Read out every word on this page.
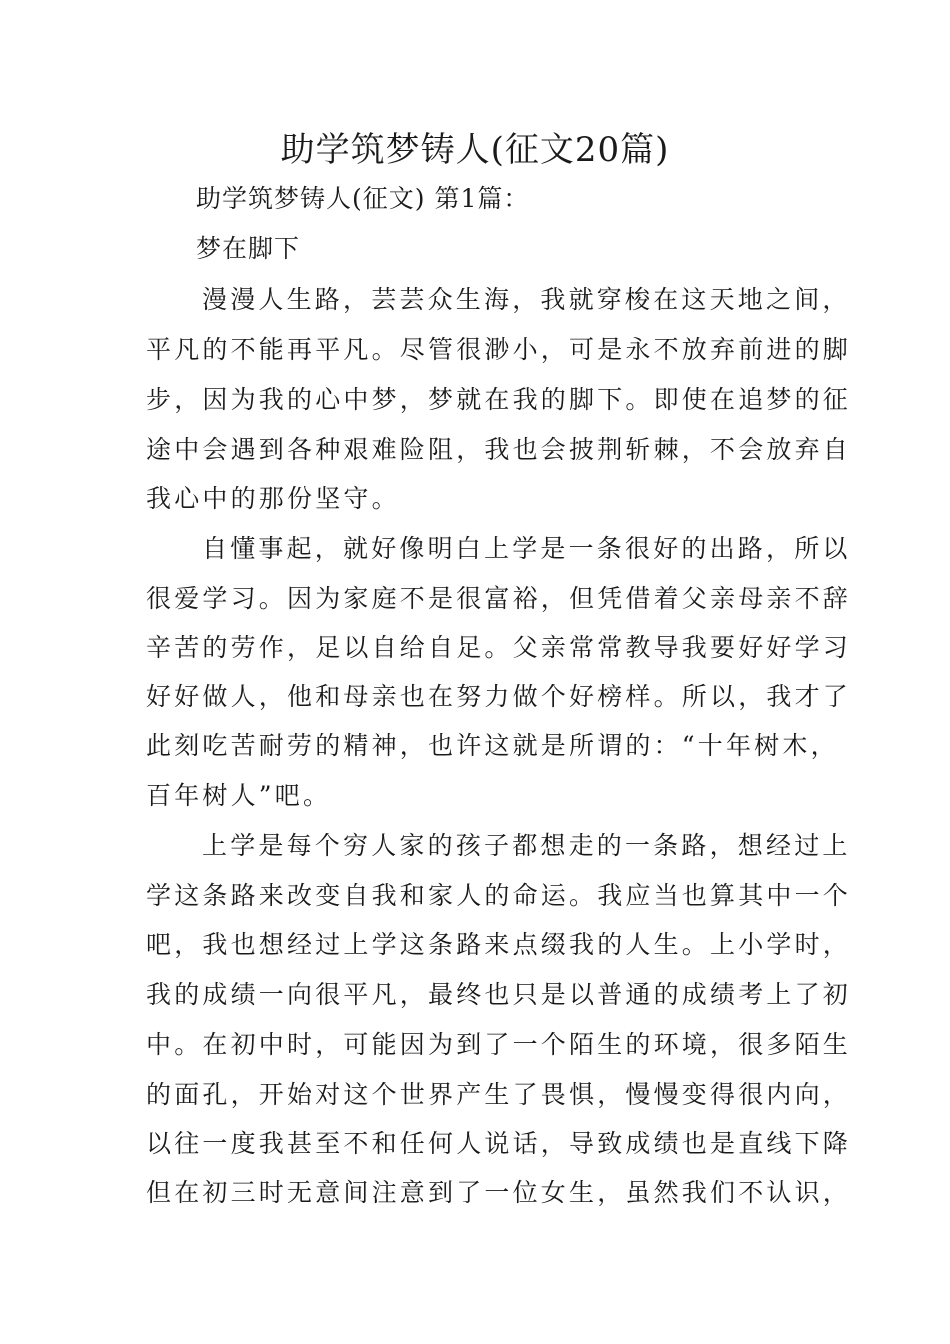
助学筑梦铸人(征文20篇)

助学筑梦铸人(征文) 第1篇：

梦在脚下

漫漫人生路，芸芸众生海，我就穿梭在这天地之间，

平凡的不能再平凡。尽管很渺小，可是永不放弃前进的脚

步，因为我的心中梦，梦就在我的脚下。即使在追梦的征

途中会遇到各种艰难险阻，我也会披荆斩棘，不会放弃自

我心中的那份坚守。

自懂事起，就好像明白上学是一条很好的出路，所以

很爱学习。因为家庭不是很富裕，但凭借着父亲母亲不辞

辛苦的劳作，足以自给自足。父亲常常教导我要好好学习

好好做人，他和母亲也在努力做个好榜样。所以，我才了

此刻吃苦耐劳的精神，也许这就是所谓的：“十年树木，

百年树人”吧。

上学是每个穷人家的孩子都想走的一条路，想经过上

学这条路来改变自我和家人的命运。我应当也算其中一个

吧，我也想经过上学这条路来点缀我的人生。上小学时，

我的成绩一向很平凡，最终也只是以普通的成绩考上了初

中。在初中时，可能因为到了一个陌生的环境，很多陌生

的面孔，开始对这个世界产生了畏惧，慢慢变得很内向，

以往一度我甚至不和任何人说话，导致成绩也是直线下降

但在初三时无意间注意到了一位女生，虽然我们不认识，
